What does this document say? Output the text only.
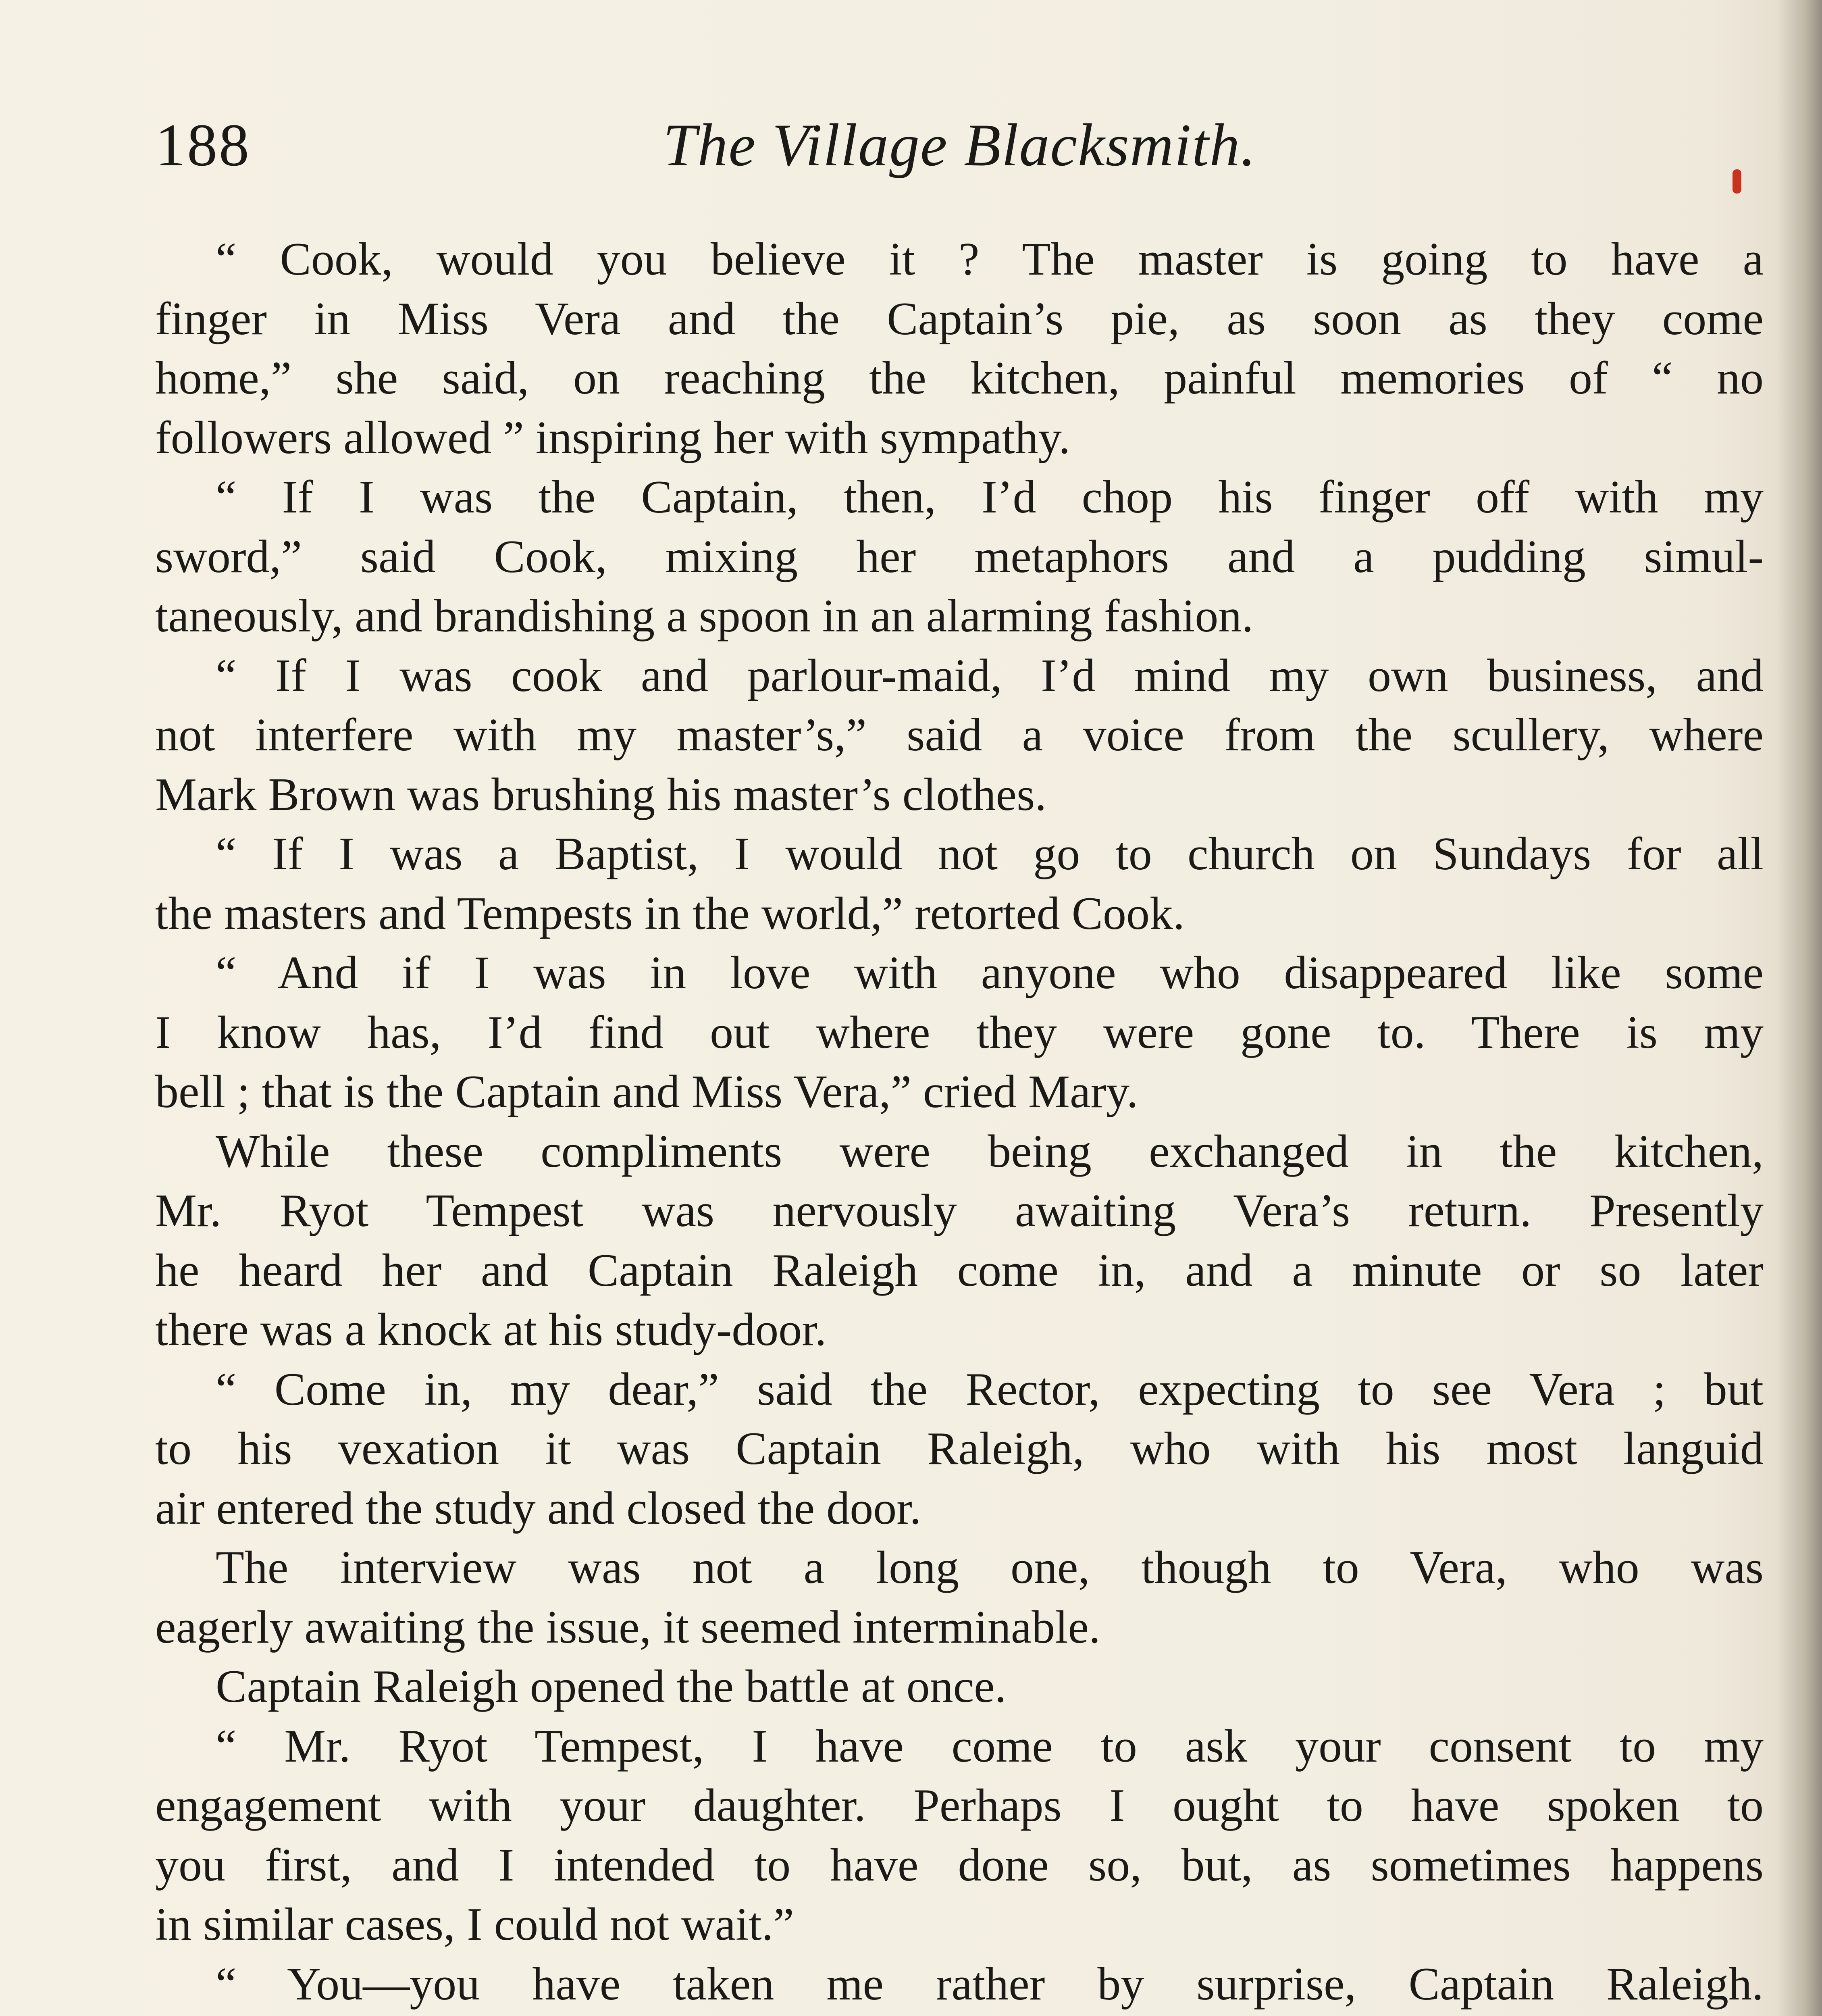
188	The Village Blacksmith.
“ Cook, would you believe it ? The master is going to have a
finger in Miss Vera and the Captain’s pie, as soon as they come
home,” she said, on reaching the kitchen, painful memories of “ no
followers allowed ” inspiring her with sympathy.
“ If I was the Captain, then, I’d chop his finger off with my
sword,” said Cook, mixing her metaphors and a pudding simul-
taneously, and brandishing a spoon in an alarming fashion.
“ If I was cook and parlour-maid, I’d mind my own business, and
not interfere with my master’s,” said a voice from the scullery, where
Mark Brown was brushing his master’s clothes.
“ If I was a Baptist, I would not go to church on Sundays for all
the masters and Tempests in the world,” retorted Cook.
“ And if I was in love with anyone who disappeared like some
I know has, I’d find out where they were gone to. There is my
bell ; that is the Captain and Miss Vera,” cried Mary.
While these compliments were being exchanged in the kitchen,
Mr. Ryot Tempest was nervously awaiting Vera’s return. Presently
he heard her and Captain Raleigh come in, and a minute or so later
there was a knock at his study-door.
“ Come in, my dear,” said the Rector, expecting to see Vera ; but
to his vexation it was Captain Raleigh, who with his most languid
air entered the study and closed the door.
The interview was not a long one, though to Vera, who was
eagerly awaiting the issue, it seemed interminable.
Captain Raleigh opened the battle at once.
“ Mr. Ryot Tempest, I have come to ask your consent to my
engagement with your daughter. Perhaps I ought to have spoken to
you first, and I intended to have done so, but, as sometimes happens
in similar cases, I could not wait.”
“ You—you have taken me rather by surprise, Captain Raleigh.
